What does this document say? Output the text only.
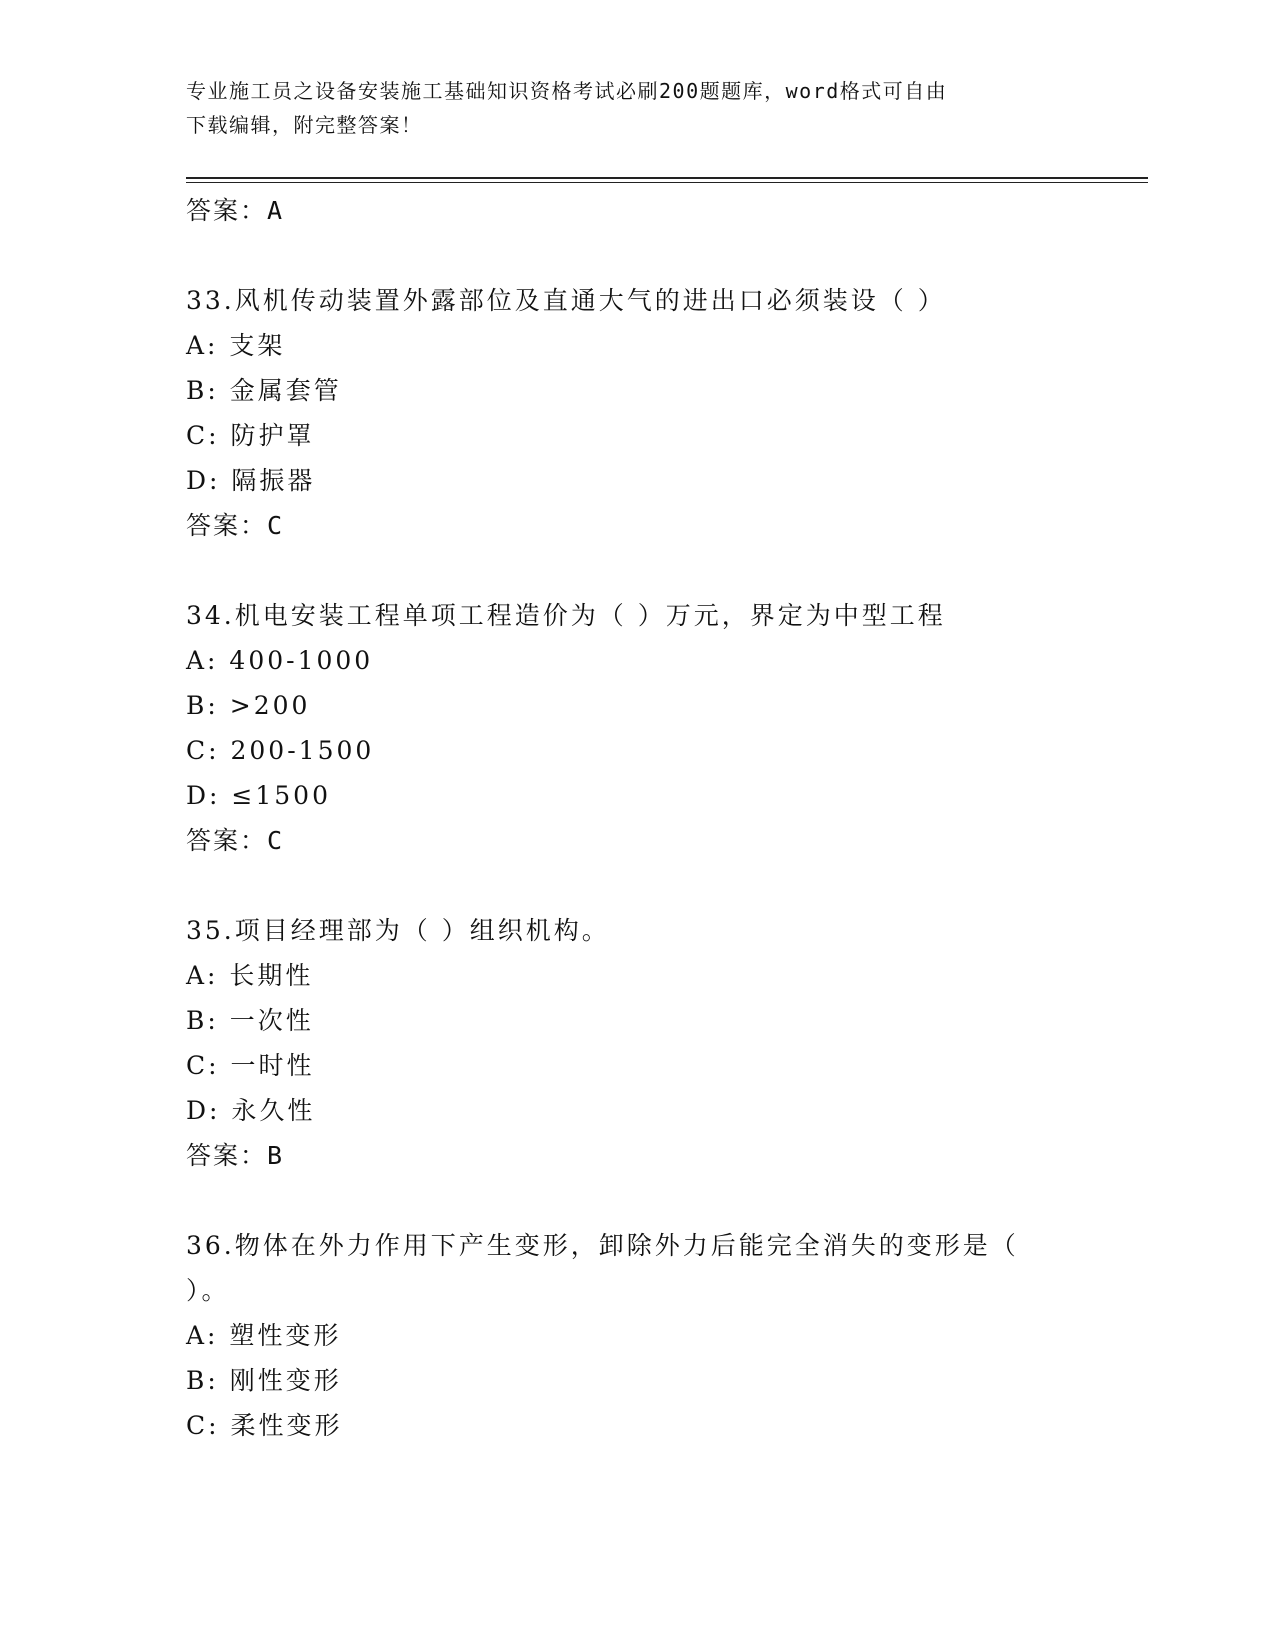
专业施工员之设备安装施工基础知识资格考试必刷200题题库，word格式可自由
下载编辑，附完整答案！
答案：A
33.风机传动装置外露部位及直通大气的进出口必须装设（ ）
A: 支架
B: 金属套管
C: 防护罩
D: 隔振器
答案：C
34.机电安装工程单项工程造价为（ ）万元，界定为中型工程
A: 400-1000
B: >200
C: 200-1500
D: ≤1500
答案：C
35.项目经理部为（ ）组织机构。
A: 长期性
B: 一次性
C: 一时性
D: 永久性
答案：B
36.物体在外力作用下产生变形，卸除外力后能完全消失的变形是（
）。
A: 塑性变形
B: 刚性变形
C: 柔性变形
